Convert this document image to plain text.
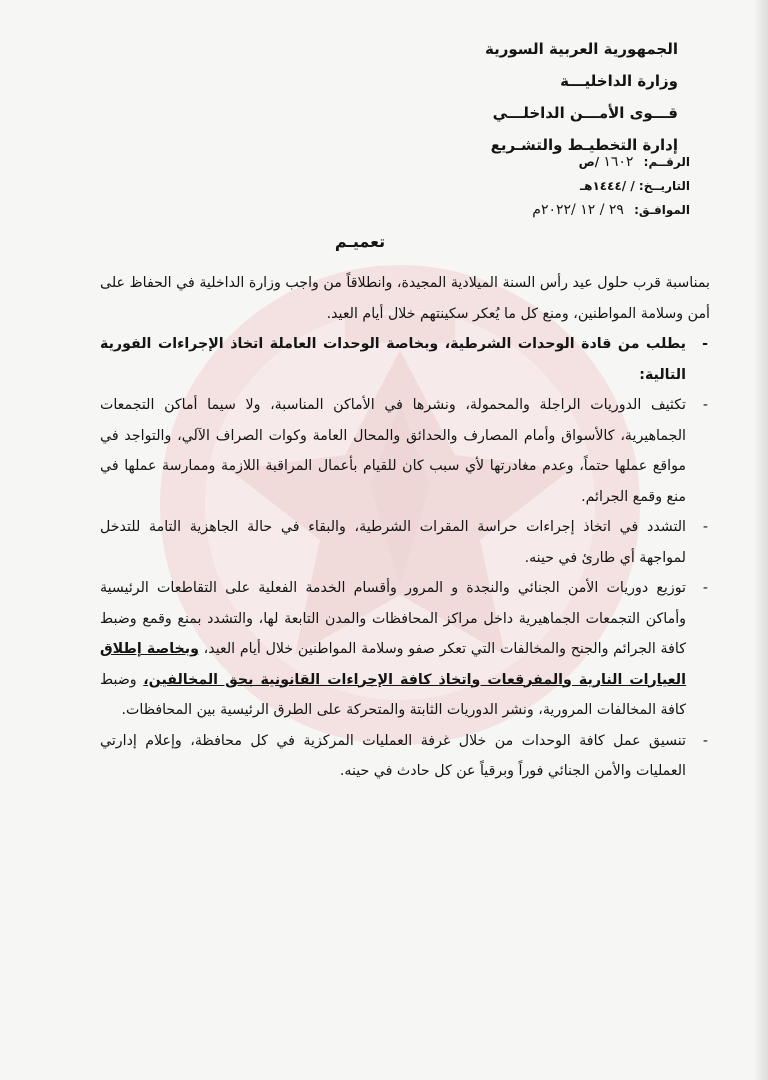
الجمهورية العربية السورية
وزارة الداخليـــة
قـــوى الأمـــن الداخلـــي
إدارة التخطيـط والتشـريع
الرقــم: ١٦٠٢ /ص
التاريــخ: / /١٤٤٤هـ
الموافـق: ٢٩ / ١٢ /٢٠٢٢م
تعميـم

بمناسبة قرب حلول عيد رأس السنة الميلادية المجيدة، وانطلاقاً من واجب وزارة الداخلية في الحفاظ على أمن وسلامة المواطنين، ومنع كل ما يُعكر سكينتهم خلال أيام العيد.

-
يطلب من قادة الوحدات الشرطية، وبخاصة الوحدات العاملة اتخاذ الإجراءات الفورية التالية:
-
تكثيف الدوريات الراجلة والمحمولة، ونشرها في الأماكن المناسبة، ولا سيما أماكن التجمعات الجماهيرية، كالأسواق وأمام المصارف والحدائق والمحال العامة وكوات الصراف الآلي، والتواجد في مواقع عملها حتماً، وعدم مغادرتها لأي سبب كان للقيام بأعمال المراقبة اللازمة وممارسة عملها في منع وقمع الجرائم.
-
التشدد في اتخاذ إجراءات حراسة المقرات الشرطية، والبقاء في حالة الجاهزية التامة للتدخل لمواجهة أي طارئ في حينه.
-
توزيع دوريات الأمن الجنائي والنجدة و المرور وأقسام الخدمة الفعلية على التقاطعات الرئيسية وأماكن التجمعات الجماهيرية داخل مراكز المحافظات والمدن التابعة لها، والتشدد بمنع وقمع وضبط كافة الجرائم والجنح والمخالفات التي تعكر صفو وسلامة المواطنين خلال أيام العيد، وبخاصة إطلاق العيارات النارية والمفرقعات واتخاذ كافة الإجراءات القانونية بحق المخالفين، وضبط كافة المخالفات المرورية، ونشر الدوريات الثابتة والمتحركة على الطرق الرئيسية بين المحافظات.
-
تنسيق عمل كافة الوحدات من خلال غرفة العمليات المركزية في كل محافظة، وإعلام إدارتي العمليات والأمن الجنائي فوراً وبرقياً عن كل حادث في حينه.
